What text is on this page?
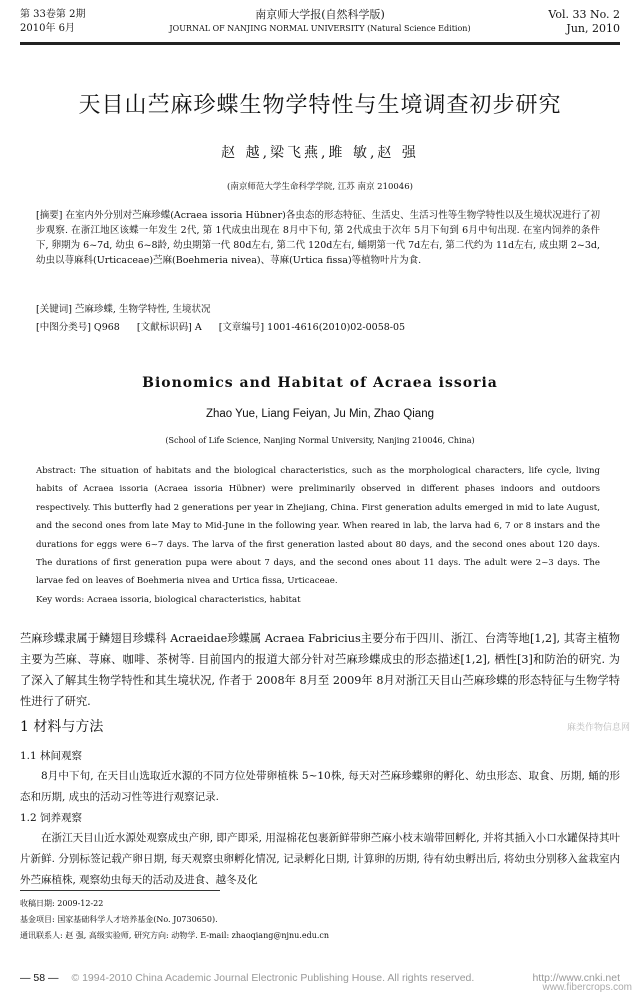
第 33卷第 2期
2010年 6月
南京师大学报(自然科学版)
JOURNAL OF NANJING NORMAL UNIVERSITY (Natural Science Edition)
Vol. 33 No. 2
Jun, 2010
天目山苎麻珍蝶生物学特性与生境调查初步研究
赵 越,梁飞燕,雎 敏,赵 强
(南京师范大学生命科学学院, 江苏 南京 210046)
[摘要] 在室内外分别对苎麻珍蝶(Acraea issoria Hübner)各虫态的形态特征、生活史、生活习性等生物学特性以及生境状况进行了初步观察. 在浙江地区该蝶一年发生 2代, 第 1代成虫出现在 8月中下旬, 第 2代成虫于次年 5月下旬到 6月中旬出现. 在室内饲养的条件下, 卵期为 6~7d, 幼虫 6~8龄, 幼虫期第一代 80d左右, 第二代 120d左右, 蛹期第一代 7d左右, 第二代约为 11d左右, 成虫期 2~3d, 幼虫以荨麻科(Urticaceae)苎麻(Boehmeria nivea)、荨麻(Urtica fissa)等植物叶片为食.
[关键词] 苎麻珍蝶, 生物学特性, 生境状况
[中图分类号] Q968 [文献标识码] A [文章编号] 1001-4616(2010)02-0058-05
Bionomics and Habitat of Acraea issoria
Zhao Yue, Liang Feiyan, Ju Min, Zhao Qiang
(School of Life Science, Nanjing Normal University, Nanjing 210046, China)
Abstract: The situation of habitats and the biological characteristics, such as the morphological characters, life cycle, living habits of Acraea issoria (Acraea issoria Hübner) were preliminarily observed in different phases indoors and outdoors respectively. This butterfly had 2 generations per year in Zhejiang, China. First generation adults emerged in mid to late August, and the second ones from late May to Mid-June in the following year. When reared in lab, the larva had 6, 7 or 8 instars and the durations for eggs were 6~7 days. The larva of the first generation lasted about 80 days, and the second ones about 120 days. The durations of first generation pupa were about 7 days, and the second ones about 11 days. The adult were 2~3 days. The larvae fed on leaves of Boehmeria nivea and Urtica fissa, Urticaceae.
Key words: Acraea issoria, biological characteristics, habitat
苎麻珍蝶隶属于鳞翅目珍蝶科 Acraeidae珍蝶属 Acraea Fabricius主要分布于四川、浙江、台湾等地[1,2], 其寄主植物主要为苎麻、荨麻、咖啡、茶树等. 目前国内的报道大部分针对苎麻珍蝶成虫的形态描述[1,2], 栖性[3]和防治的研究. 为了深入了解其生物学特性和其生境状况, 作者于 2008年 8月至 2009年 8月对浙江天目山苎麻珍蝶的形态特征与生物学特性进行了研究.
1 材料与方法
1.1 林间观察
8月中下旬, 在天目山选取近水源的不同方位处带卵植株 5~10株, 每天对苎麻珍蝶卵的孵化、幼虫形态、取食、历期, 蛹的形态和历期, 成虫的活动习性等进行观察记录.
1.2 饲养观察
在浙江天目山近水源处观察成虫产卵, 即产即采, 用湿棉花包裹新鲜带卵苎麻小枝末端带回孵化, 并将其插入小口水罐保持其叶片新鲜. 分别标签记载产卵日期, 每天观察虫卵孵化情况, 记录孵化日期, 计算卵的历期, 待有幼虫孵出后, 将幼虫分别移入盆栽室内外苎麻植株, 观察幼虫每天的活动及进食、越冬及化
收稿日期: 2009-12-22
基金项目: 国家基础科学人才培养基金(No. J0730650).
通讯联系人: 赵 强, 高级实验师, 研究方向: 动物学. E-mail: zhaoqiang@njnu.edu.cn
— 58 — © 1994-2010 China Academic Journal Electronic Publishing House. All rights reserved.	http://www.cnki.net
www.fibercrops.com
麻类作物信息网
